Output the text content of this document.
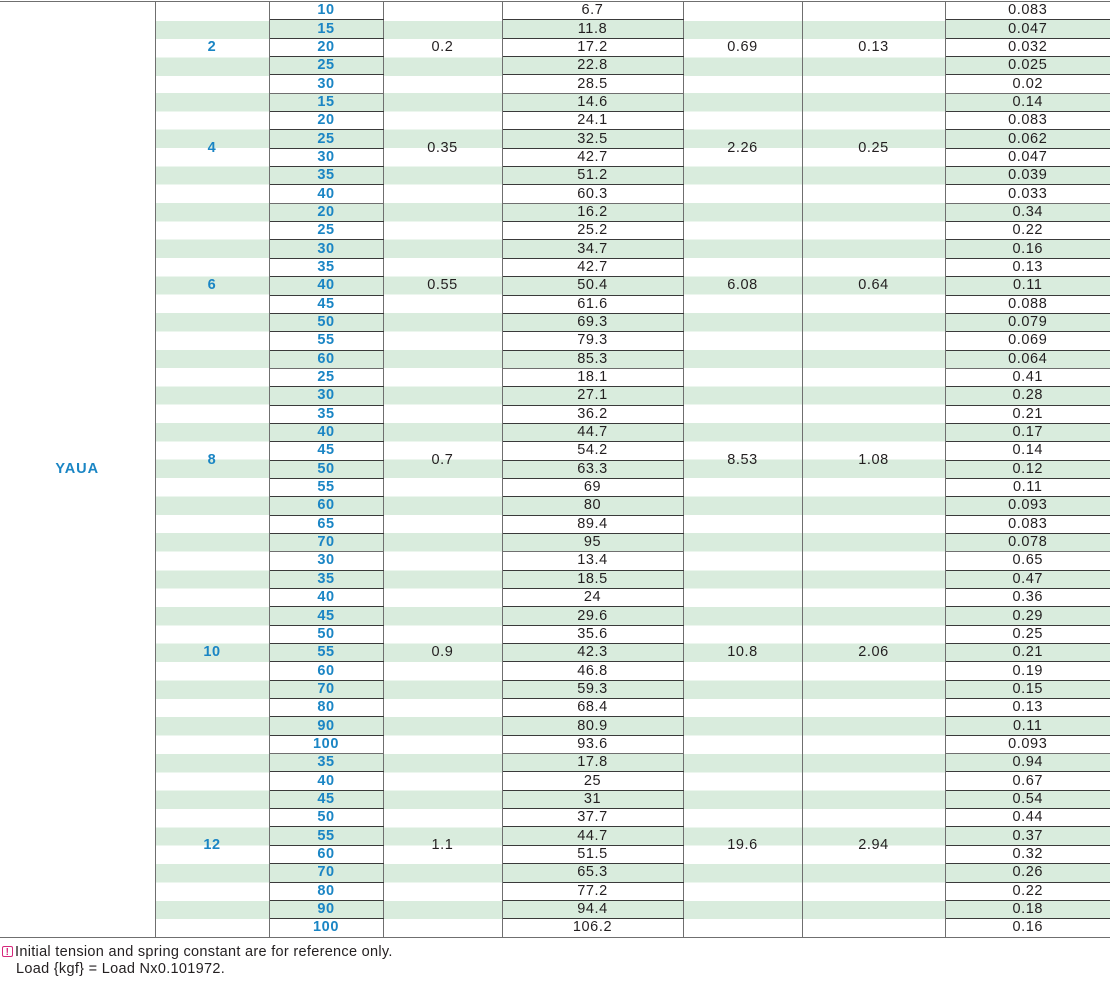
YAUA	2	10	0.2	6.7	0.69	0.13	0.083
		15		11.8			0.047
		20		17.2			0.032
		25		22.8			0.025
		30		28.5			0.02
	4	15	0.35	14.6	2.26	0.25	0.14
		20		24.1			0.083
		25		32.5			0.062
		30		42.7			0.047
		35		51.2			0.039
		40		60.3			0.033
	6	20	0.55	16.2	6.08	0.64	0.34
		25		25.2			0.22
		30		34.7			0.16
		35		42.7			0.13
		40		50.4			0.11
		45		61.6			0.088
		50		69.3			0.079
		55		79.3			0.069
		60		85.3			0.064
	8	25	0.7	18.1	8.53	1.08	0.41
		30		27.1			0.28
		35		36.2			0.21
		40		44.7			0.17
		45		54.2			0.14
		50		63.3			0.12
		55		69			0.11
		60		80			0.093
		65		89.4			0.083
		70		95			0.078
	10	30	0.9	13.4	10.8	2.06	0.65
		35		18.5			0.47
		40		24			0.36
		45		29.6			0.29
		50		35.6			0.25
		55		42.3			0.21
		60		46.8			0.19
		70		59.3			0.15
		80		68.4			0.13
		90		80.9			0.11
		100		93.6			0.093
	12	35	1.1	17.8	19.6	2.94	0.94
		40		25			0.67
		45		31			0.54
		50		37.7			0.44
		55		44.7			0.37
		60		51.5			0.32
		70		65.3			0.26
		80		77.2			0.22
		90		94.4			0.18
		100		106.2			0.16
! Initial tension and spring constant are for reference only.
Load {kgf} = Load Nx0.101972.
